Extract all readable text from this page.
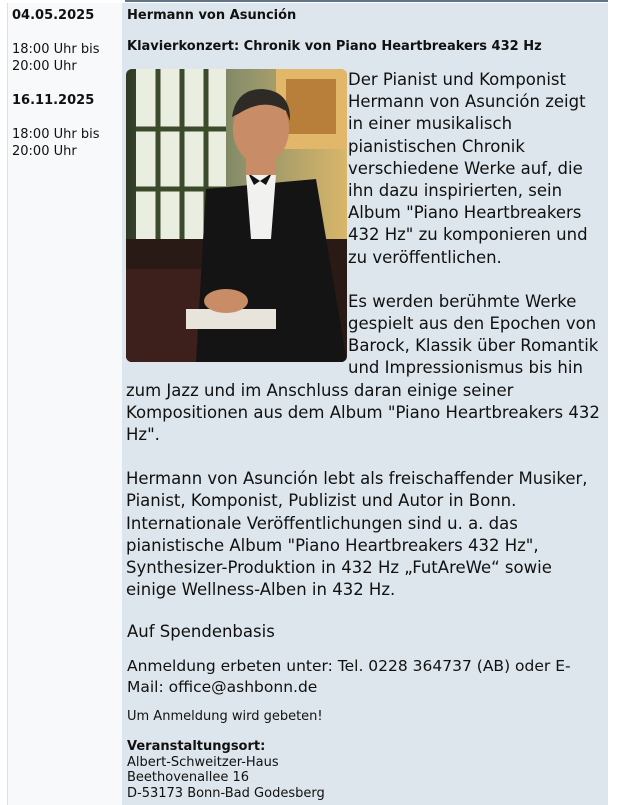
04.05.2025
18:00 Uhr bis
20:00 Uhr
16.11.2025
18:00 Uhr bis
20:00 Uhr
Hermann von Asunción
Klavierkonzert: Chronik von Piano Heartbreakers 432 Hz

Der Pianist und Komponist Hermann von Asunción zeigt in einer musikalisch pianistischen Chronik verschiedene Werke auf, die ihn dazu inspirierten, sein Album "Piano Heartbreakers 432 Hz" zu komponieren und zu veröffentlichen.

Es werden berühmte Werke gespielt aus den Epochen von Barock, Klassik über Romantik und Impressionismus bis hin zum Jazz und im Anschluss daran einige seiner Kompositionen aus dem Album "Piano Heartbreakers 432 Hz".

Hermann von Asunción lebt als freischaffender Musiker, Pianist, Komponist, Publizist und Autor in Bonn. Internationale Veröffentlichungen sind u. a. das pianistische Album "Piano Heartbreakers 432 Hz", Synthesizer-Produktion in 432 Hz „FutAreWe“ sowie einige Wellness-Alben in 432 Hz.

Auf Spendenbasis
Anmeldung erbeten unter: Tel. 0228 364737 (AB) oder E-Mail: office@ashbonn.de
Um Anmeldung wird gebeten!
Veranstaltungsort:
Albert-Schweitzer-Haus
Beethovenallee 16
D-53173 Bonn-Bad Godesberg
